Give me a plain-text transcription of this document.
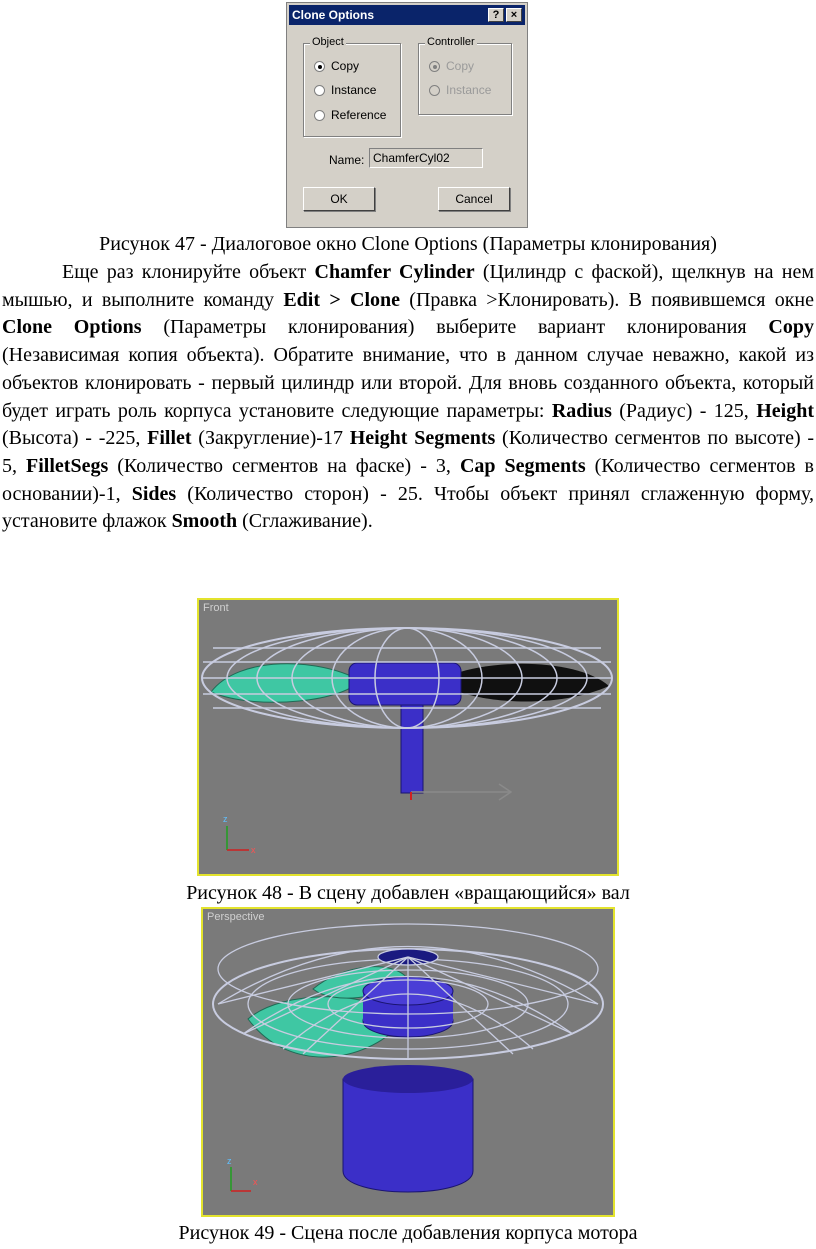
Clone Options	?	×
Object
Copy
Instance
Reference
Controller
Copy
Instance
Name: ChamferCyl02
OK	Cancel
Рисунок 47 - Диалоговое окно Clone Options (Параметры клонирования)
Еще раз клонируйте объект Chamfer Cylinder (Цилиндр с фаской), щелкнув на нем мышью, и выполните команду Edit > Clone (Правка >Клонировать). В появившемся окне Clone Options (Параметры клонирования) выберите вариант клонирования Copy (Независимая копия объекта). Обратите внимание, что в данном случае неважно, какой из объектов клонировать - первый цилиндр или второй. Для вновь созданного объекта, который будет играть роль корпуса установите следующие параметры: Radius (Радиус) - 125, Height (Высота) - -225, Fillet (Закругление)-17 Height Segments (Количество сегментов по высоте) - 5, FilletSegs (Количество сегментов на фаске) - 3, Cap Segments (Количество сегментов в основании)-1, Sides (Количество сторон) - 25. Чтобы объект принял сглаженную форму, установите флажок Smooth (Сглаживание).
z
x
Front
Рисунок 48 - В сцену добавлен «вращающийся» вал
z
x
Perspective
Рисунок 49 - Сцена после добавления корпуса мотора
